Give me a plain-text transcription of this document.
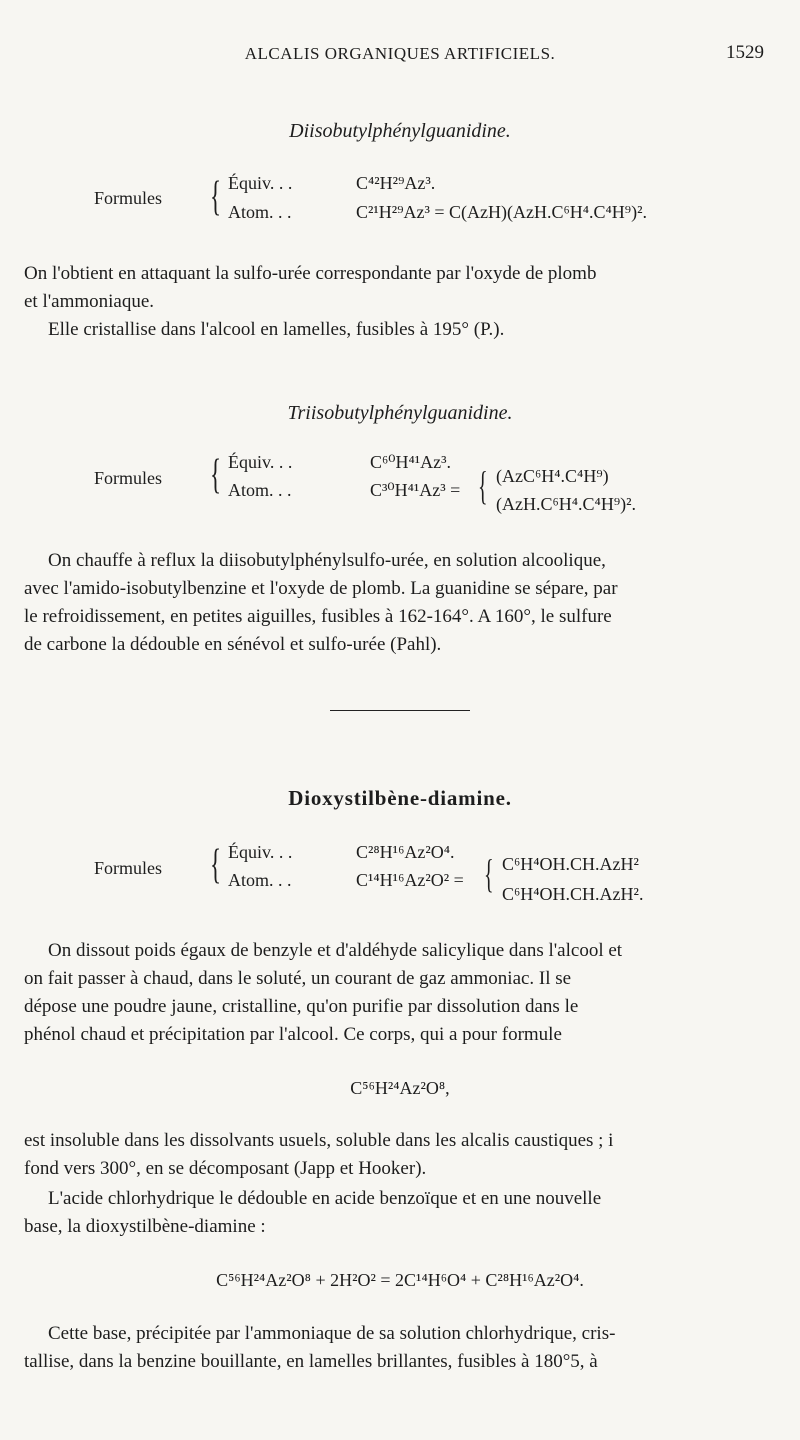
ALCALIS ORGANIQUES ARTIFICIELS.	1529
Diisobutylphénylguanidine.
Formules { Équiv. . .	C⁴²H²⁹Az³.
Atom. . .	C²¹H²⁹Az³ = C(AzH)(AzH.C⁶H⁴.C⁴H⁹)².
On l'obtient en attaquant la sulfo-urée correspondante par l'oxyde de plomb
et l'ammoniaque.
Elle cristallise dans l'alcool en lamelles, fusibles à 195° (P.).
Triisobutylphénylguanidine.
Formules { Équiv. . .	C⁶⁰H⁴¹Az³.
Atom. . .	C³⁰H⁴¹Az³ = { (AzC⁶H⁴.C⁴H⁹)
(AzH.C⁶H⁴.C⁴H⁹)².
On chauffe à reflux la diisobutylphénylsulfo-urée, en solution alcoolique,
avec l'amido-isobutylbenzine et l'oxyde de plomb. La guanidine se sépare, par
le refroidissement, en petites aiguilles, fusibles à 162-164°. A 160°, le sulfure
de carbone la dédouble en sénévol et sulfo-urée (Pahl).
Dioxystilbène-diamine.
Formules { Équiv. . .	C²⁸H¹⁶Az²O⁴.
Atom. . .	C¹⁴H¹⁶Az²O² = { C⁶H⁴OH.CH.AzH²
C⁶H⁴OH.CH.AzH².
On dissout poids égaux de benzyle et d'aldéhyde salicylique dans l'alcool et
on fait passer à chaud, dans le soluté, un courant de gaz ammoniac. Il se
dépose une poudre jaune, cristalline, qu'on purifie par dissolution dans le
phénol chaud et précipitation par l'alcool. Ce corps, qui a pour formule
C⁵⁶H²⁴Az²O⁸,
est insoluble dans les dissolvants usuels, soluble dans les alcalis caustiques ; i
fond vers 300°, en se décomposant (Japp et Hooker).
L'acide chlorhydrique le dédouble en acide benzoïque et en une nouvelle
base, la dioxystilbène-diamine :
C⁵⁶H²⁴Az²O⁸ + 2H²O² = 2C¹⁴H⁶O⁴ + C²⁸H¹⁶Az²O⁴.
Cette base, précipitée par l'ammoniaque de sa solution chlorhydrique, cris-
tallise, dans la benzine bouillante, en lamelles brillantes, fusibles à 180°5, à
